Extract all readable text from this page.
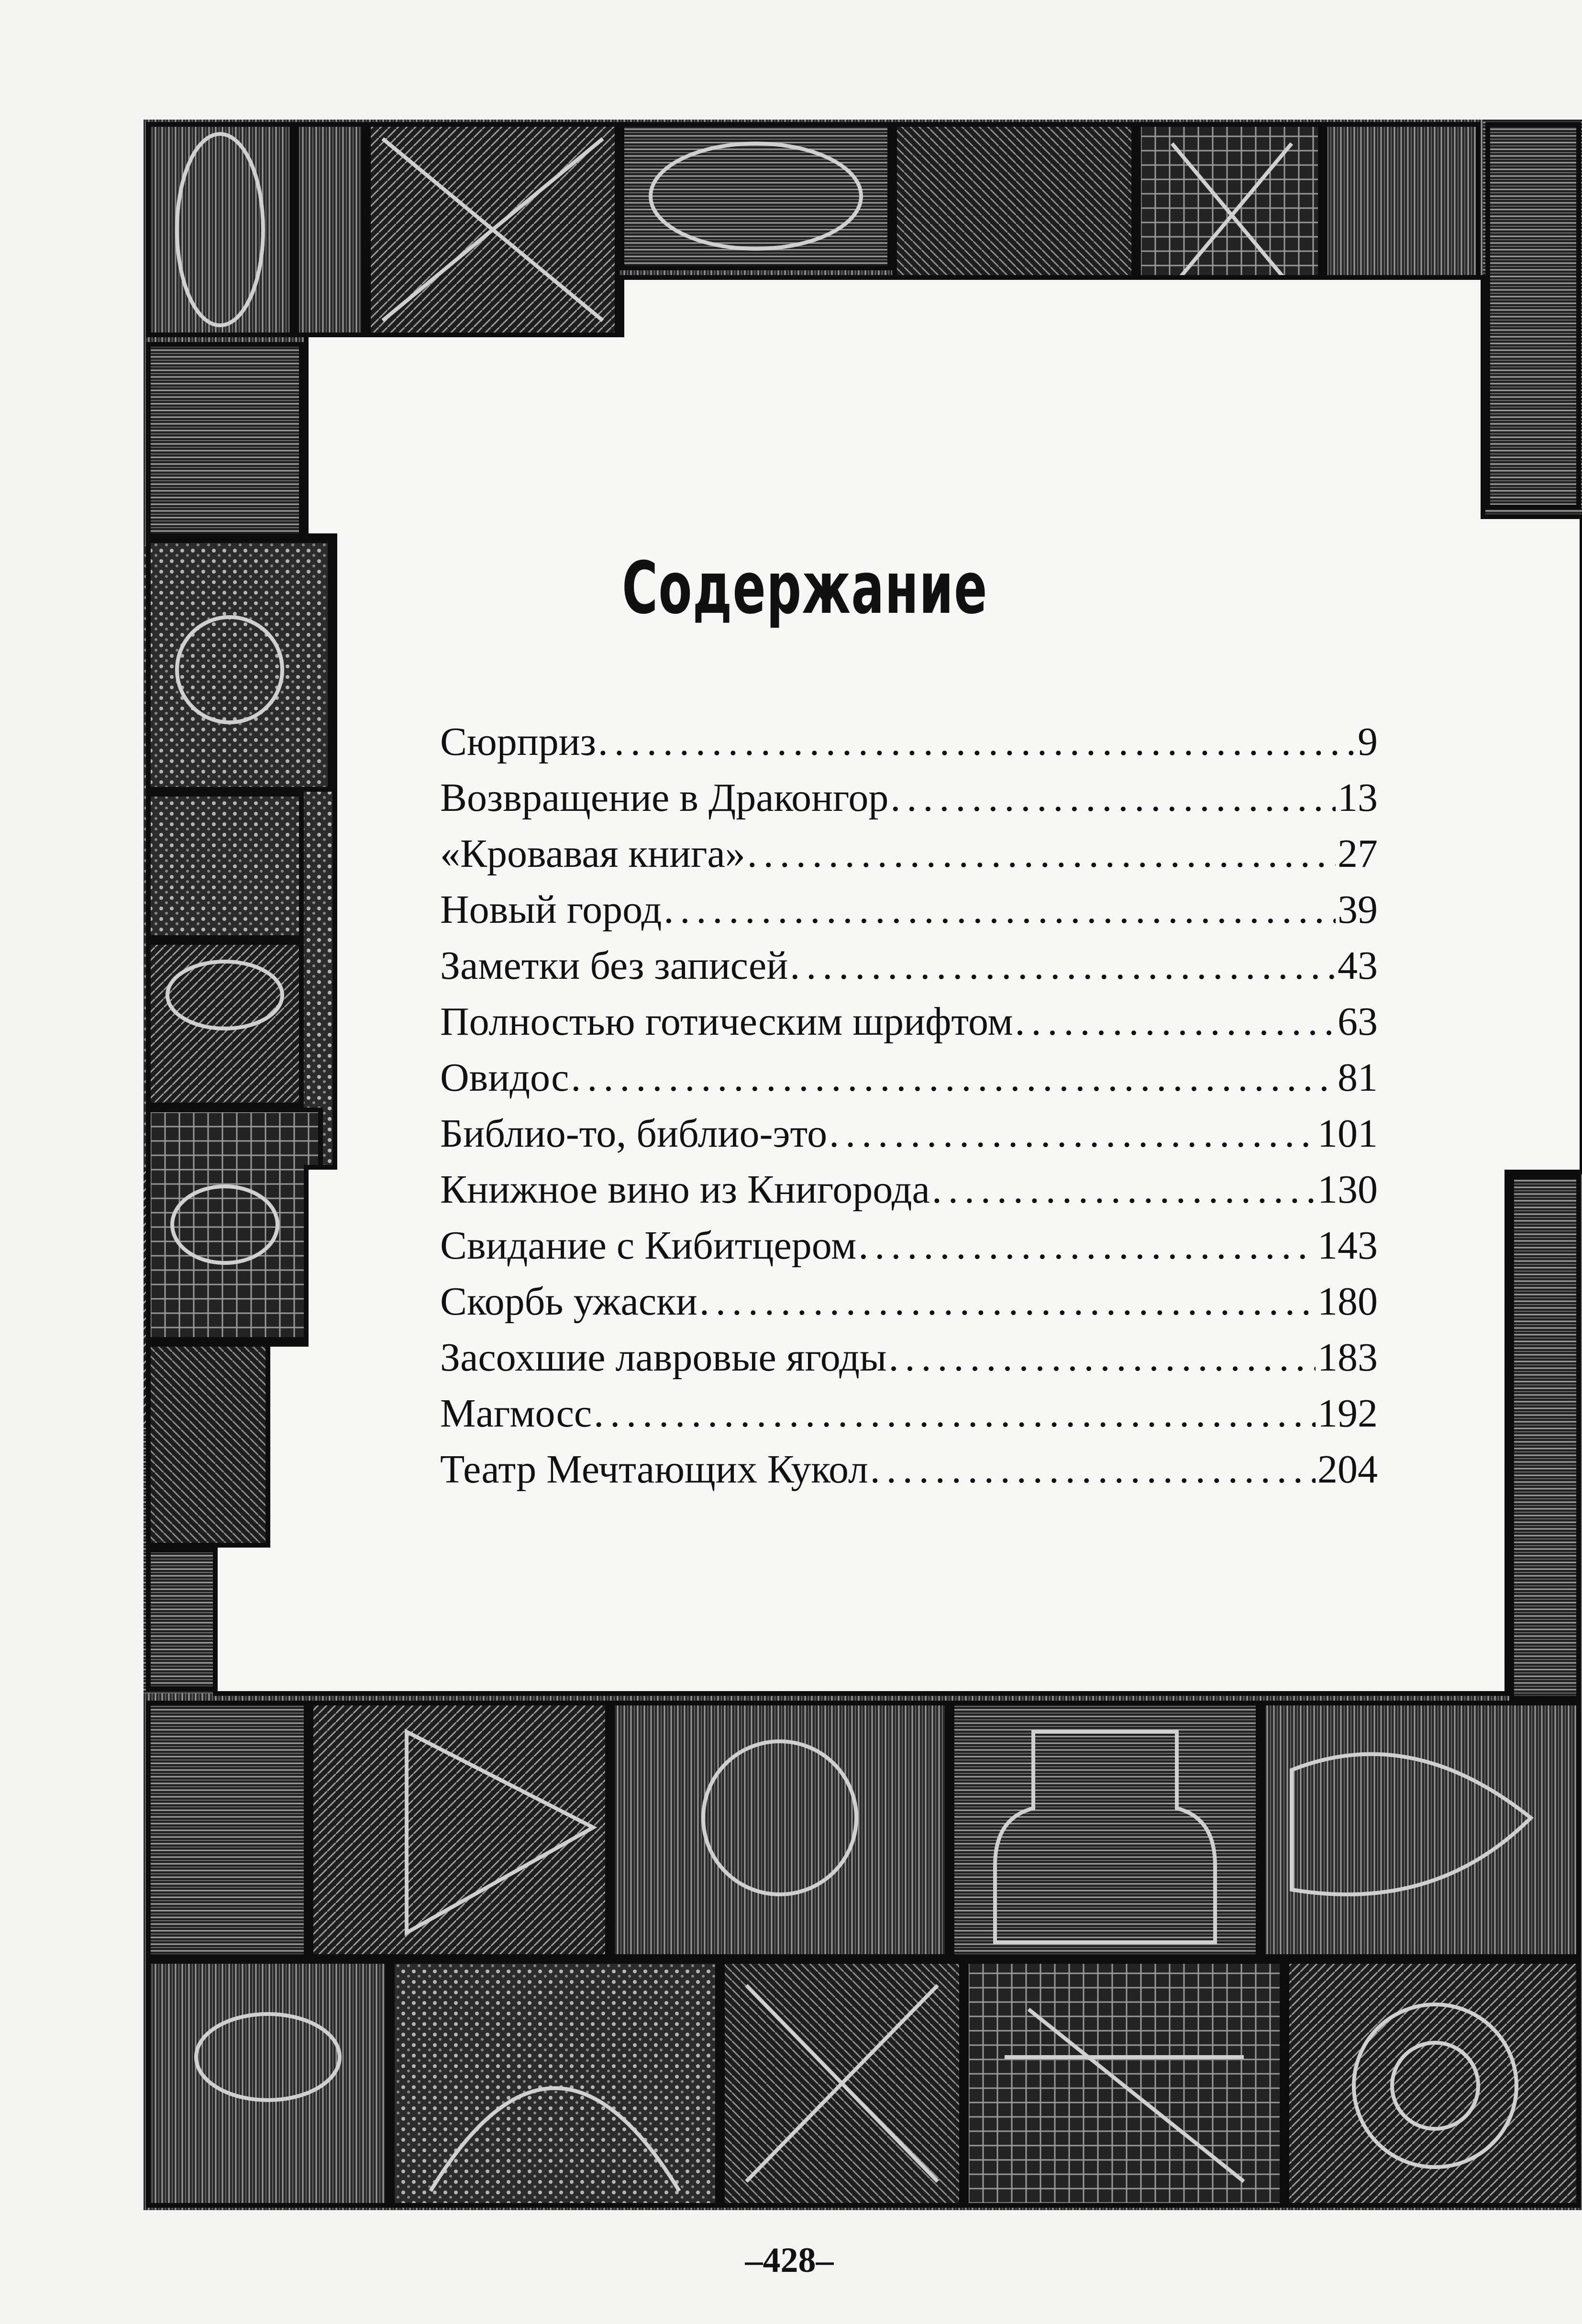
Содержание
Сюрприз . . .	9
Возвращение в Драконгор . . .	13
«Кровавая книга» . . .	27
Новый город . . .	39
Заметки без записей . . .	43
Полностью готическим шрифтом . . .	63
Овидос . . .	81
Библио-то, библио-это . . .	101
Книжное вино из Книгорода . . .	130
Свидание с Кибитцером . . .	143
Скорбь ужаски . . .	180
Засохшие лавровые ягоды . . .	183
Магмосс . . .	192
Театр Мечтающих Кукол . . .	204
–428–
